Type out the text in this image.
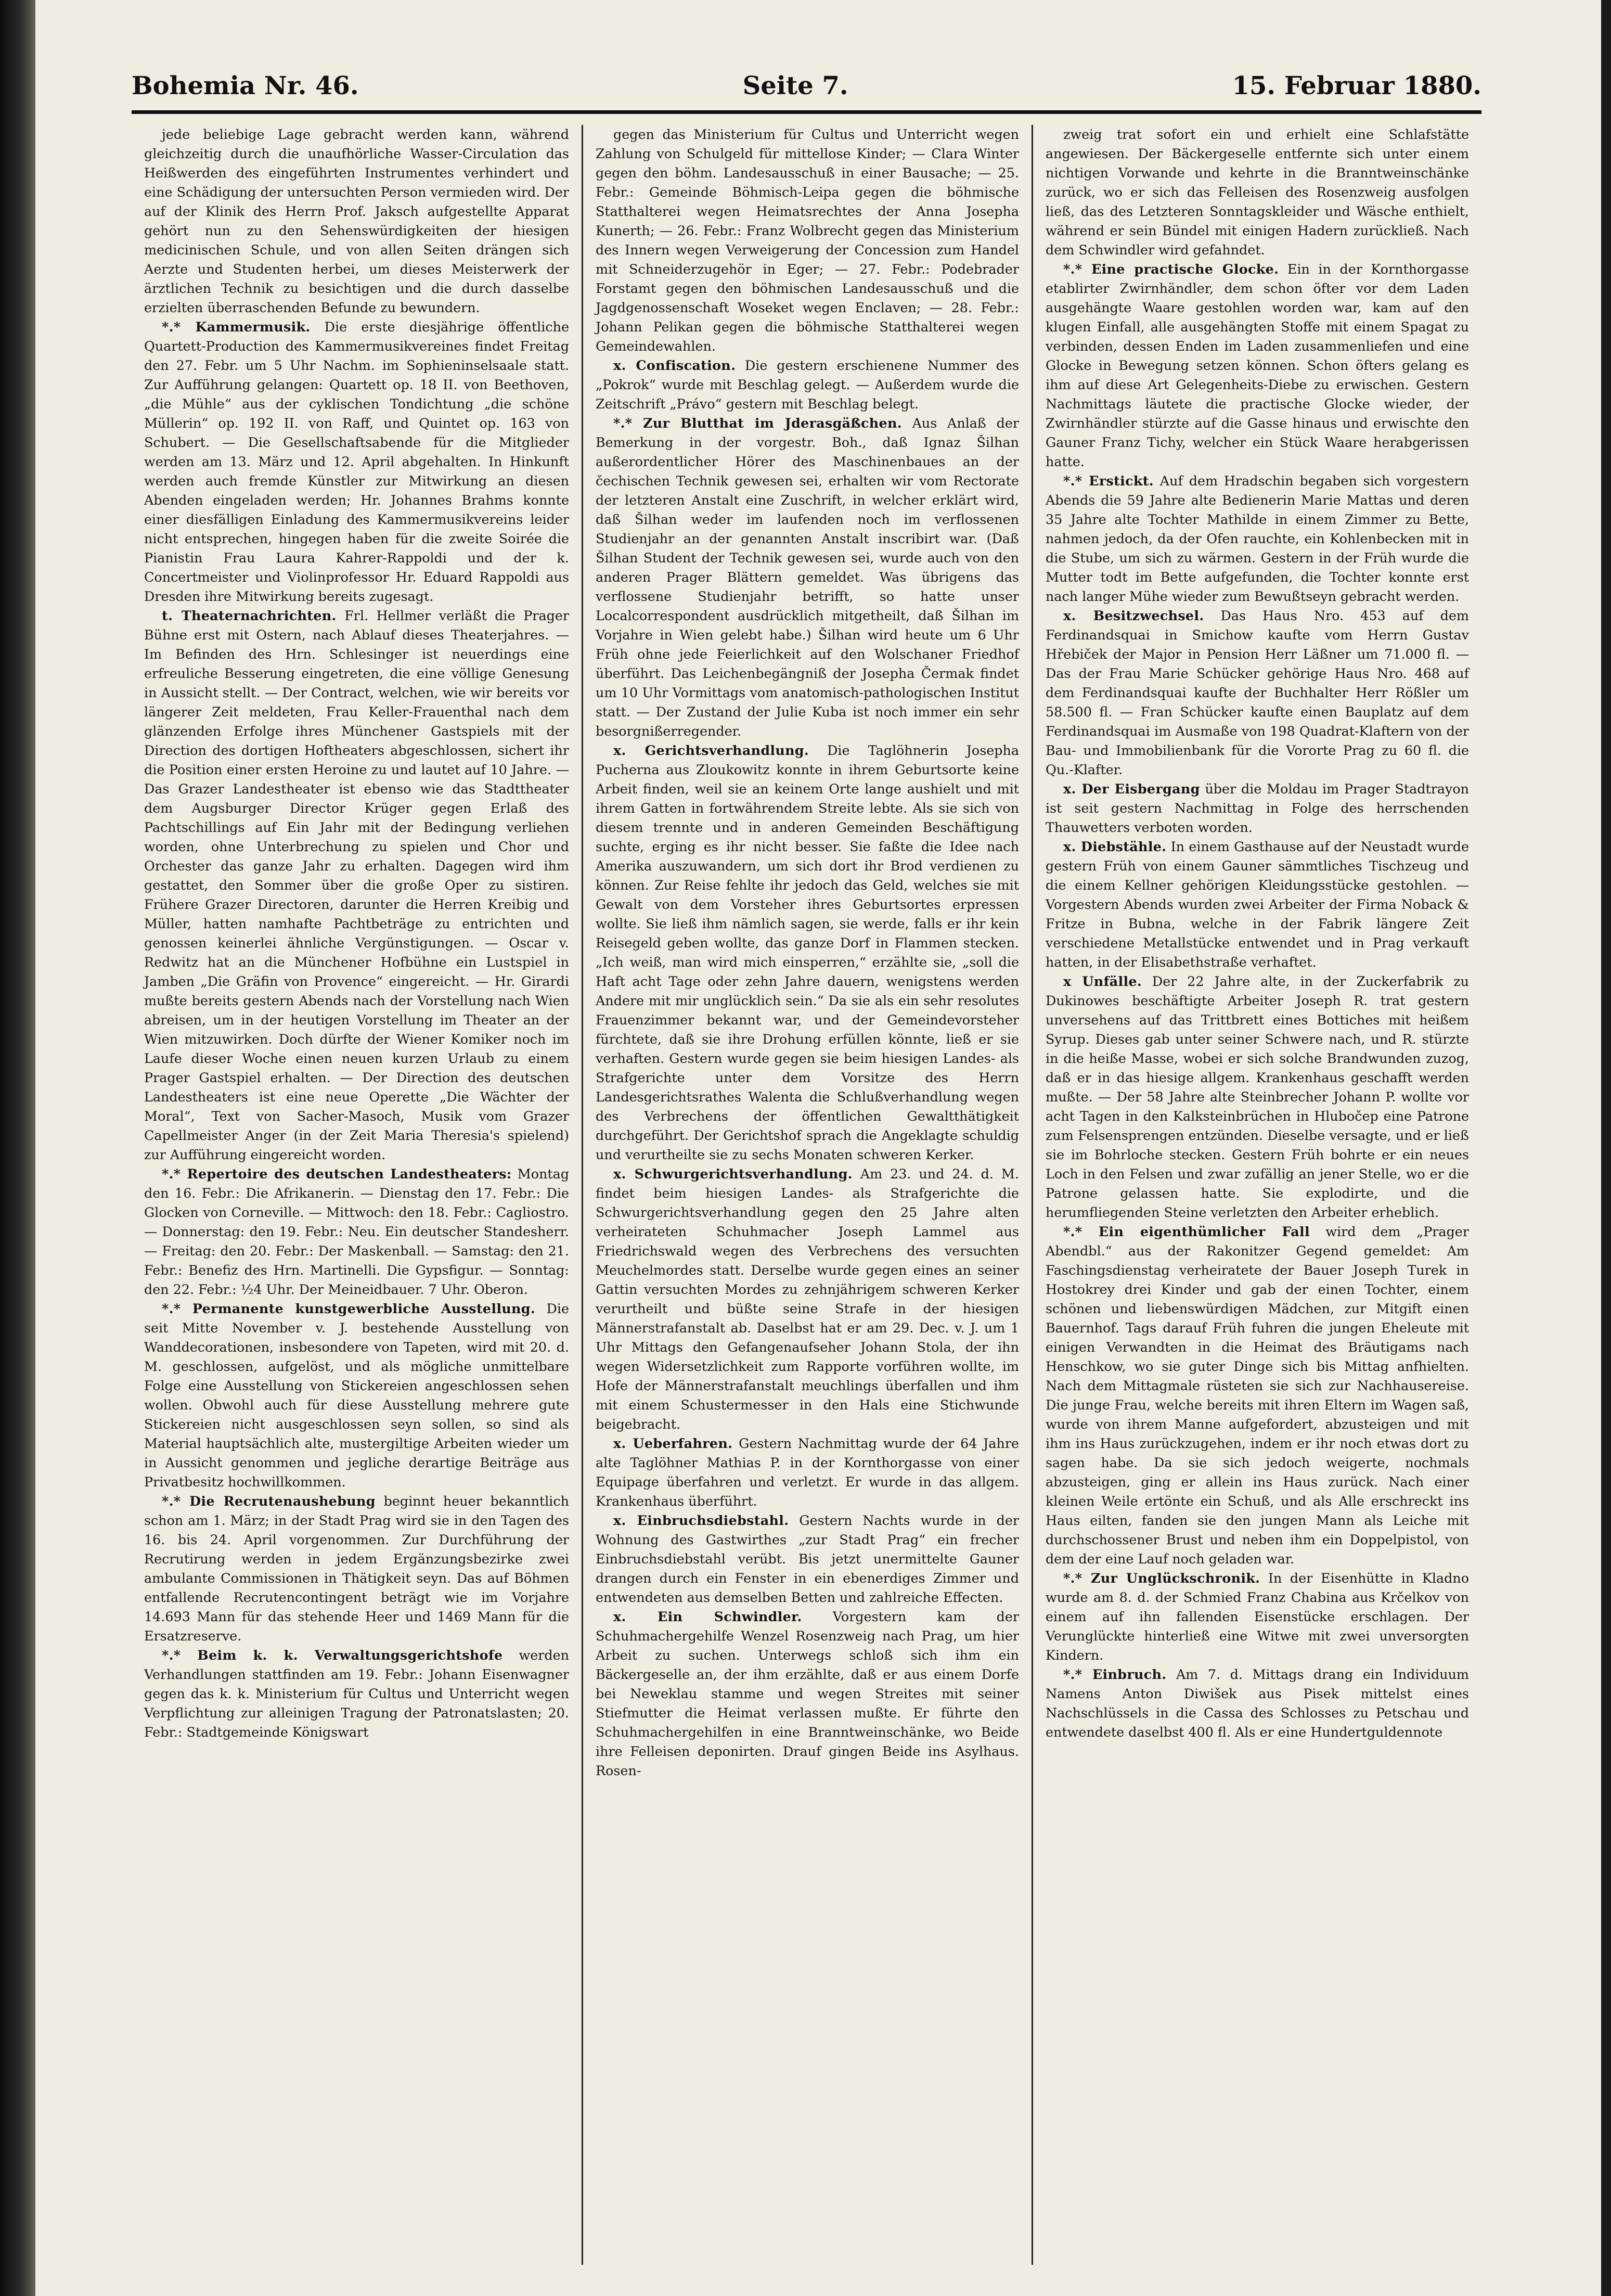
Bohemia Nr. 46.	Seite 7.	15. Februar 1880.

jede beliebige Lage gebracht werden kann, während gleichzeitig durch die unaufhörliche Wasser-Circulation das Heißwerden des eingeführten Instrumentes verhindert und eine Schädigung der untersuchten Person vermieden wird. Der auf der Klinik des Herrn Prof. Jaksch aufgestellte Apparat gehört nun zu den Sehenswürdigkeiten der hiesigen medicinischen Schule, und von allen Seiten drängen sich Aerzte und Studenten herbei, um dieses Meisterwerk der ärztlichen Technik zu besichtigen und die durch dasselbe erzielten überraschenden Befunde zu bewundern.

*.* Kammermusik. Die erste diesjährige öffentliche Quartett-Production des Kammermusikvereines findet Freitag den 27. Febr. um 5 Uhr Nachm. im Sophieninselsaale statt. Zur Aufführung gelangen: Quartett op. 18 II. von Beethoven, „die Mühle“ aus der cyklischen Tondichtung „die schöne Müllerin“ op. 192 II. von Raff, und Quintet op. 163 von Schubert. — Die Gesellschaftsabende für die Mitglieder werden am 13. März und 12. April abgehalten. In Hinkunft werden auch fremde Künstler zur Mitwirkung an diesen Abenden eingeladen werden; Hr. Johannes Brahms konnte einer diesfälligen Einladung des Kammermusikvereins leider nicht entsprechen, hingegen haben für die zweite Soirée die Pianistin Frau Laura Kahrer-Rappoldi und der k. Concertmeister und Violinprofessor Hr. Eduard Rappoldi aus Dresden ihre Mitwirkung bereits zugesagt.

t. Theaternachrichten. Frl. Hellmer verläßt die Prager Bühne erst mit Ostern, nach Ablauf dieses Theaterjahres. — Im Befinden des Hrn. Schlesinger ist neuerdings eine erfreuliche Besserung eingetreten, die eine völlige Genesung in Aussicht stellt. — Der Contract, welchen, wie wir bereits vor längerer Zeit meldeten, Frau Keller-Frauenthal nach dem glänzenden Erfolge ihres Münchener Gastspiels mit der Direction des dortigen Hoftheaters abgeschlossen, sichert ihr die Position einer ersten Heroine zu und lautet auf 10 Jahre. — Das Grazer Landestheater ist ebenso wie das Stadttheater dem Augsburger Director Krüger gegen Erlaß des Pachtschillings auf Ein Jahr mit der Bedingung verliehen worden, ohne Unterbrechung zu spielen und Chor und Orchester das ganze Jahr zu erhalten. Dagegen wird ihm gestattet, den Sommer über die große Oper zu sistiren. Frühere Grazer Directoren, darunter die Herren Kreibig und Müller, hatten namhafte Pachtbeträge zu entrichten und genossen keinerlei ähnliche Vergünstigungen. — Oscar v. Redwitz hat an die Münchener Hofbühne ein Lustspiel in Jamben „Die Gräfin von Provence“ eingereicht. — Hr. Girardi mußte bereits gestern Abends nach der Vorstellung nach Wien abreisen, um in der heutigen Vorstellung im Theater an der Wien mitzuwirken. Doch dürfte der Wiener Komiker noch im Laufe dieser Woche einen neuen kurzen Urlaub zu einem Prager Gastspiel erhalten. — Der Direction des deutschen Landestheaters ist eine neue Operette „Die Wächter der Moral“, Text von Sacher-Masoch, Musik vom Grazer Capellmeister Anger (in der Zeit Maria Theresia's spielend) zur Aufführung eingereicht worden.

*.* Repertoire des deutschen Landestheaters: Montag den 16. Febr.: Die Afrikanerin. — Dienstag den 17. Febr.: Die Glocken von Corneville. — Mittwoch: den 18. Febr.: Cagliostro. — Donnerstag: den 19. Febr.: Neu. Ein deutscher Standesherr. — Freitag: den 20. Febr.: Der Maskenball. — Samstag: den 21. Febr.: Benefiz des Hrn. Martinelli. Die Gypsfigur. — Sonntag: den 22. Febr.: ½4 Uhr. Der Meineidbauer. 7 Uhr. Oberon.

*.* Permanente kunstgewerbliche Ausstellung. Die seit Mitte November v. J. bestehende Ausstellung von Wanddecorationen, insbesondere von Tapeten, wird mit 20. d. M. geschlossen, aufgelöst, und als mögliche unmittelbare Folge eine Ausstellung von Stickereien angeschlossen sehen wollen. Obwohl auch für diese Ausstellung mehrere gute Stickereien nicht ausgeschlossen seyn sollen, so sind als Material hauptsächlich alte, mustergiltige Arbeiten wieder um in Aussicht genommen und jegliche derartige Beiträge aus Privatbesitz hochwillkommen.

*.* Die Recrutenaushebung beginnt heuer bekanntlich schon am 1. März; in der Stadt Prag wird sie in den Tagen des 16. bis 24. April vorgenommen. Zur Durchführung der Recrutirung werden in jedem Ergänzungsbezirke zwei ambulante Commissionen in Thätigkeit seyn. Das auf Böhmen entfallende Recrutencontingent beträgt wie im Vorjahre 14.693 Mann für das stehende Heer und 1469 Mann für die Ersatzreserve.

*.* Beim k. k. Verwaltungsgerichtshofe werden Verhandlungen stattfinden am 19. Febr.: Johann Eisenwagner gegen das k. k. Ministerium für Cultus und Unterricht wegen Verpflichtung zur alleinigen Tragung der Patronatslasten; 20. Febr.: Stadtgemeinde Königswart

gegen das Ministerium für Cultus und Unterricht wegen Zahlung von Schulgeld für mittellose Kinder; — Clara Winter gegen den böhm. Landesausschuß in einer Bausache; — 25. Febr.: Gemeinde Böhmisch-Leipa gegen die böhmische Statthalterei wegen Heimatsrechtes der Anna Josepha Kunerth; — 26. Febr.: Franz Wolbrecht gegen das Ministerium des Innern wegen Verweigerung der Concession zum Handel mit Schneiderzugehör in Eger; — 27. Febr.: Podebrader Forstamt gegen den böhmischen Landesausschuß und die Jagdgenossenschaft Woseket wegen Enclaven; — 28. Febr.: Johann Pelikan gegen die böhmische Statthalterei wegen Gemeindewahlen.

x. Confiscation. Die gestern erschienene Nummer des „Pokrok“ wurde mit Beschlag gelegt. — Außerdem wurde die Zeitschrift „Právo“ gestern mit Beschlag belegt.

*.* Zur Blutthat im Jderasgäßchen. Aus Anlaß der Bemerkung in der vorgestr. Boh., daß Ignaz Šilhan außerordentlicher Hörer des Maschinenbaues an der čechischen Technik gewesen sei, erhalten wir vom Rectorate der letzteren Anstalt eine Zuschrift, in welcher erklärt wird, daß Šilhan weder im laufenden noch im verflossenen Studienjahr an der genannten Anstalt inscribirt war. (Daß Šilhan Student der Technik gewesen sei, wurde auch von den anderen Prager Blättern gemeldet. Was übrigens das verflossene Studienjahr betrifft, so hatte unser Localcorrespondent ausdrücklich mitgetheilt, daß Šilhan im Vorjahre in Wien gelebt habe.) Šilhan wird heute um 6 Uhr Früh ohne jede Feierlichkeit auf den Wolschaner Friedhof überführt. Das Leichenbegängniß der Josepha Čermak findet um 10 Uhr Vormittags vom anatomisch-pathologischen Institut statt. — Der Zustand der Julie Kuba ist noch immer ein sehr besorgnißerregender.

x. Gerichtsverhandlung. Die Taglöhnerin Josepha Pucherna aus Zloukowitz konnte in ihrem Geburtsorte keine Arbeit finden, weil sie an keinem Orte lange aushielt und mit ihrem Gatten in fortwährendem Streite lebte. Als sie sich von diesem trennte und in anderen Gemeinden Beschäftigung suchte, erging es ihr nicht besser. Sie faßte die Idee nach Amerika auszuwandern, um sich dort ihr Brod verdienen zu können. Zur Reise fehlte ihr jedoch das Geld, welches sie mit Gewalt von dem Vorsteher ihres Geburtsortes erpressen wollte. Sie ließ ihm nämlich sagen, sie werde, falls er ihr kein Reisegeld geben wollte, das ganze Dorf in Flammen stecken. „Ich weiß, man wird mich einsperren,“ erzählte sie, „soll die Haft acht Tage oder zehn Jahre dauern, wenigstens werden Andere mit mir unglücklich sein.“ Da sie als ein sehr resolutes Frauenzimmer bekannt war, und der Gemeindevorsteher fürchtete, daß sie ihre Drohung erfüllen könnte, ließ er sie verhaften. Gestern wurde gegen sie beim hiesigen Landes- als Strafgerichte unter dem Vorsitze des Herrn Landesgerichtsrathes Walenta die Schlußverhandlung wegen des Verbrechens der öffentlichen Gewaltthätigkeit durchgeführt. Der Gerichtshof sprach die Angeklagte schuldig und verurtheilte sie zu sechs Monaten schweren Kerker.

x. Schwurgerichtsverhandlung. Am 23. und 24. d. M. findet beim hiesigen Landes- als Strafgerichte die Schwurgerichtsverhandlung gegen den 25 Jahre alten verheirateten Schuhmacher Joseph Lammel aus Friedrichswald wegen des Verbrechens des versuchten Meuchelmordes statt. Derselbe wurde gegen eines an seiner Gattin versuchten Mordes zu zehnjährigem schweren Kerker verurtheilt und büßte seine Strafe in der hiesigen Männerstrafanstalt ab. Daselbst hat er am 29. Dec. v. J. um 1 Uhr Mittags den Gefangenaufseher Johann Stola, der ihn wegen Widersetzlichkeit zum Rapporte vorführen wollte, im Hofe der Männerstrafanstalt meuchlings überfallen und ihm mit einem Schustermesser in den Hals eine Stichwunde beigebracht.

x. Ueberfahren. Gestern Nachmittag wurde der 64 Jahre alte Taglöhner Mathias P. in der Kornthorgasse von einer Equipage überfahren und verletzt. Er wurde in das allgem. Krankenhaus überführt.

x. Einbruchsdiebstahl. Gestern Nachts wurde in der Wohnung des Gastwirthes „zur Stadt Prag“ ein frecher Einbruchsdiebstahl verübt. Bis jetzt unermittelte Gauner drangen durch ein Fenster in ein ebenerdiges Zimmer und entwendeten aus demselben Betten und zahlreiche Effecten.

x. Ein Schwindler. Vorgestern kam der Schuhmachergehilfe Wenzel Rosenzweig nach Prag, um hier Arbeit zu suchen. Unterwegs schloß sich ihm ein Bäckergeselle an, der ihm erzählte, daß er aus einem Dorfe bei Neweklau stamme und wegen Streites mit seiner Stiefmutter die Heimat verlassen mußte. Er führte den Schuhmachergehilfen in eine Branntweinschänke, wo Beide ihre Felleisen deponirten. Drauf gingen Beide ins Asylhaus. Rosen-

zweig trat sofort ein und erhielt eine Schlafstätte angewiesen. Der Bäckergeselle entfernte sich unter einem nichtigen Vorwande und kehrte in die Branntweinschänke zurück, wo er sich das Felleisen des Rosenzweig ausfolgen ließ, das des Letzteren Sonntagskleider und Wäsche enthielt, während er sein Bündel mit einigen Hadern zurückließ. Nach dem Schwindler wird gefahndet.

*.* Eine practische Glocke. Ein in der Kornthorgasse etablirter Zwirnhändler, dem schon öfter vor dem Laden ausgehängte Waare gestohlen worden war, kam auf den klugen Einfall, alle ausgehängten Stoffe mit einem Spagat zu verbinden, dessen Enden im Laden zusammenliefen und eine Glocke in Bewegung setzen können. Schon öfters gelang es ihm auf diese Art Gelegenheits-Diebe zu erwischen. Gestern Nachmittags läutete die practische Glocke wieder, der Zwirnhändler stürzte auf die Gasse hinaus und erwischte den Gauner Franz Tichy, welcher ein Stück Waare herabgerissen hatte.

*.* Erstickt. Auf dem Hradschin begaben sich vorgestern Abends die 59 Jahre alte Bedienerin Marie Mattas und deren 35 Jahre alte Tochter Mathilde in einem Zimmer zu Bette, nahmen jedoch, da der Ofen rauchte, ein Kohlenbecken mit in die Stube, um sich zu wärmen. Gestern in der Früh wurde die Mutter todt im Bette aufgefunden, die Tochter konnte erst nach langer Mühe wieder zum Bewußtseyn gebracht werden.

x. Besitzwechsel. Das Haus Nro. 453 auf dem Ferdinandsquai in Smichow kaufte vom Herrn Gustav Hřebiček der Major in Pension Herr Läßner um 71.000 fl. — Das der Frau Marie Schücker gehörige Haus Nro. 468 auf dem Ferdinandsquai kaufte der Buchhalter Herr Rößler um 58.500 fl. — Fran Schücker kaufte einen Bauplatz auf dem Ferdinandsquai im Ausmaße von 198 Quadrat-Klaftern von der Bau- und Immobilienbank für die Vororte Prag zu 60 fl. die Qu.-Klafter.

x. Der Eisbergang über die Moldau im Prager Stadtrayon ist seit gestern Nachmittag in Folge des herrschenden Thauwetters verboten worden.

x. Diebstähle. In einem Gasthause auf der Neustadt wurde gestern Früh von einem Gauner sämmtliches Tischzeug und die einem Kellner gehörigen Kleidungsstücke gestohlen. — Vorgestern Abends wurden zwei Arbeiter der Firma Noback & Fritze in Bubna, welche in der Fabrik längere Zeit verschiedene Metallstücke entwendet und in Prag verkauft hatten, in der Elisabethstraße verhaftet.

x Unfälle. Der 22 Jahre alte, in der Zuckerfabrik zu Dukinowes beschäftigte Arbeiter Joseph R. trat gestern unversehens auf das Trittbrett eines Bottiches mit heißem Syrup. Dieses gab unter seiner Schwere nach, und R. stürzte in die heiße Masse, wobei er sich solche Brandwunden zuzog, daß er in das hiesige allgem. Krankenhaus geschafft werden mußte. — Der 58 Jahre alte Steinbrecher Johann P. wollte vor acht Tagen in den Kalksteinbrüchen in Hlubočep eine Patrone zum Felsensprengen entzünden. Dieselbe versagte, und er ließ sie im Bohrloche stecken. Gestern Früh bohrte er ein neues Loch in den Felsen und zwar zufällig an jener Stelle, wo er die Patrone gelassen hatte. Sie explodirte, und die herumfliegenden Steine verletzten den Arbeiter erheblich.

*.* Ein eigenthümlicher Fall wird dem „Prager Abendbl.“ aus der Rakonitzer Gegend gemeldet: Am Faschingsdienstag verheiratete der Bauer Joseph Turek in Hostokrey drei Kinder und gab der einen Tochter, einem schönen und liebenswürdigen Mädchen, zur Mitgift einen Bauernhof. Tags darauf Früh fuhren die jungen Eheleute mit einigen Verwandten in die Heimat des Bräutigams nach Henschkow, wo sie guter Dinge sich bis Mittag anfhielten. Nach dem Mittagmale rüsteten sie sich zur Nachhausereise. Die junge Frau, welche bereits mit ihren Eltern im Wagen saß, wurde von ihrem Manne aufgefordert, abzusteigen und mit ihm ins Haus zurückzugehen, indem er ihr noch etwas dort zu sagen habe. Da sie sich jedoch weigerte, nochmals abzusteigen, ging er allein ins Haus zurück. Nach einer kleinen Weile ertönte ein Schuß, und als Alle erschreckt ins Haus eilten, fanden sie den jungen Mann als Leiche mit durchschossener Brust und neben ihm ein Doppelpistol, von dem der eine Lauf noch geladen war.

*.* Zur Unglückschronik. In der Eisenhütte in Kladno wurde am 8. d. der Schmied Franz Chabina aus Krčelkov von einem auf ihn fallenden Eisenstücke erschlagen. Der Verunglückte hinterließ eine Witwe mit zwei unversorgten Kindern.

*.* Einbruch. Am 7. d. Mittags drang ein Individuum Namens Anton Diwišek aus Pisek mittelst eines Nachschlüssels in die Cassa des Schlosses zu Petschau und entwendete daselbst 400 fl. Als er eine Hundertguldennote
